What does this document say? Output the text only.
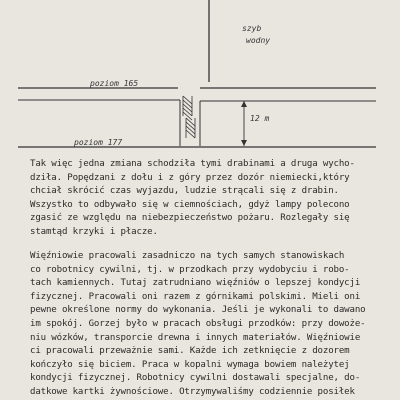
szyb
wodny
poziom 165
poziom 177
12 m
Tak więc jedna zmiana schodziła tymi drabinami a druga wycho-
dziła. Popędzani z dołu i z góry przez dozór niemiecki,który
chciał skrócić czas wyjazdu, ludzie strącali się z drabin.
Wszystko to odbywało się w ciemnościach, gdyż lampy polecono
zgasić ze względu na niebezpieczeństwo pożaru. Rozlegały się
stamtąd krzyki i płacze.
Więźniowie pracowali zasadniczo na tych samych stanowiskach
co robotnicy cywilni, tj. w przodkach przy wydobyciu i robo-
tach kamiennych. Tutaj zatrudniano więźniów o lepszej kondycji
fizycznej. Pracowali oni razem z górnikami polskimi. Mieli oni
pewne określone normy do wykonania. Jeśli je wykonali to dawano
im spokój. Gorzej było w pracach obsługi przodków: przy dowoże-
niu wózków, transporcie drewna i innych materiałów. Więźniowie
ci pracowali przeważnie sami. Każde ich zetknięcie z dozorem
kończyło się biciem. Praca w kopalni wymaga bowiem należytej
kondycji fizycznej. Robotnicy cywilni dostawali specjalne, do-
datkowe kartki żywnościowe. Otrzymywaliśmy codziennie posiłek
